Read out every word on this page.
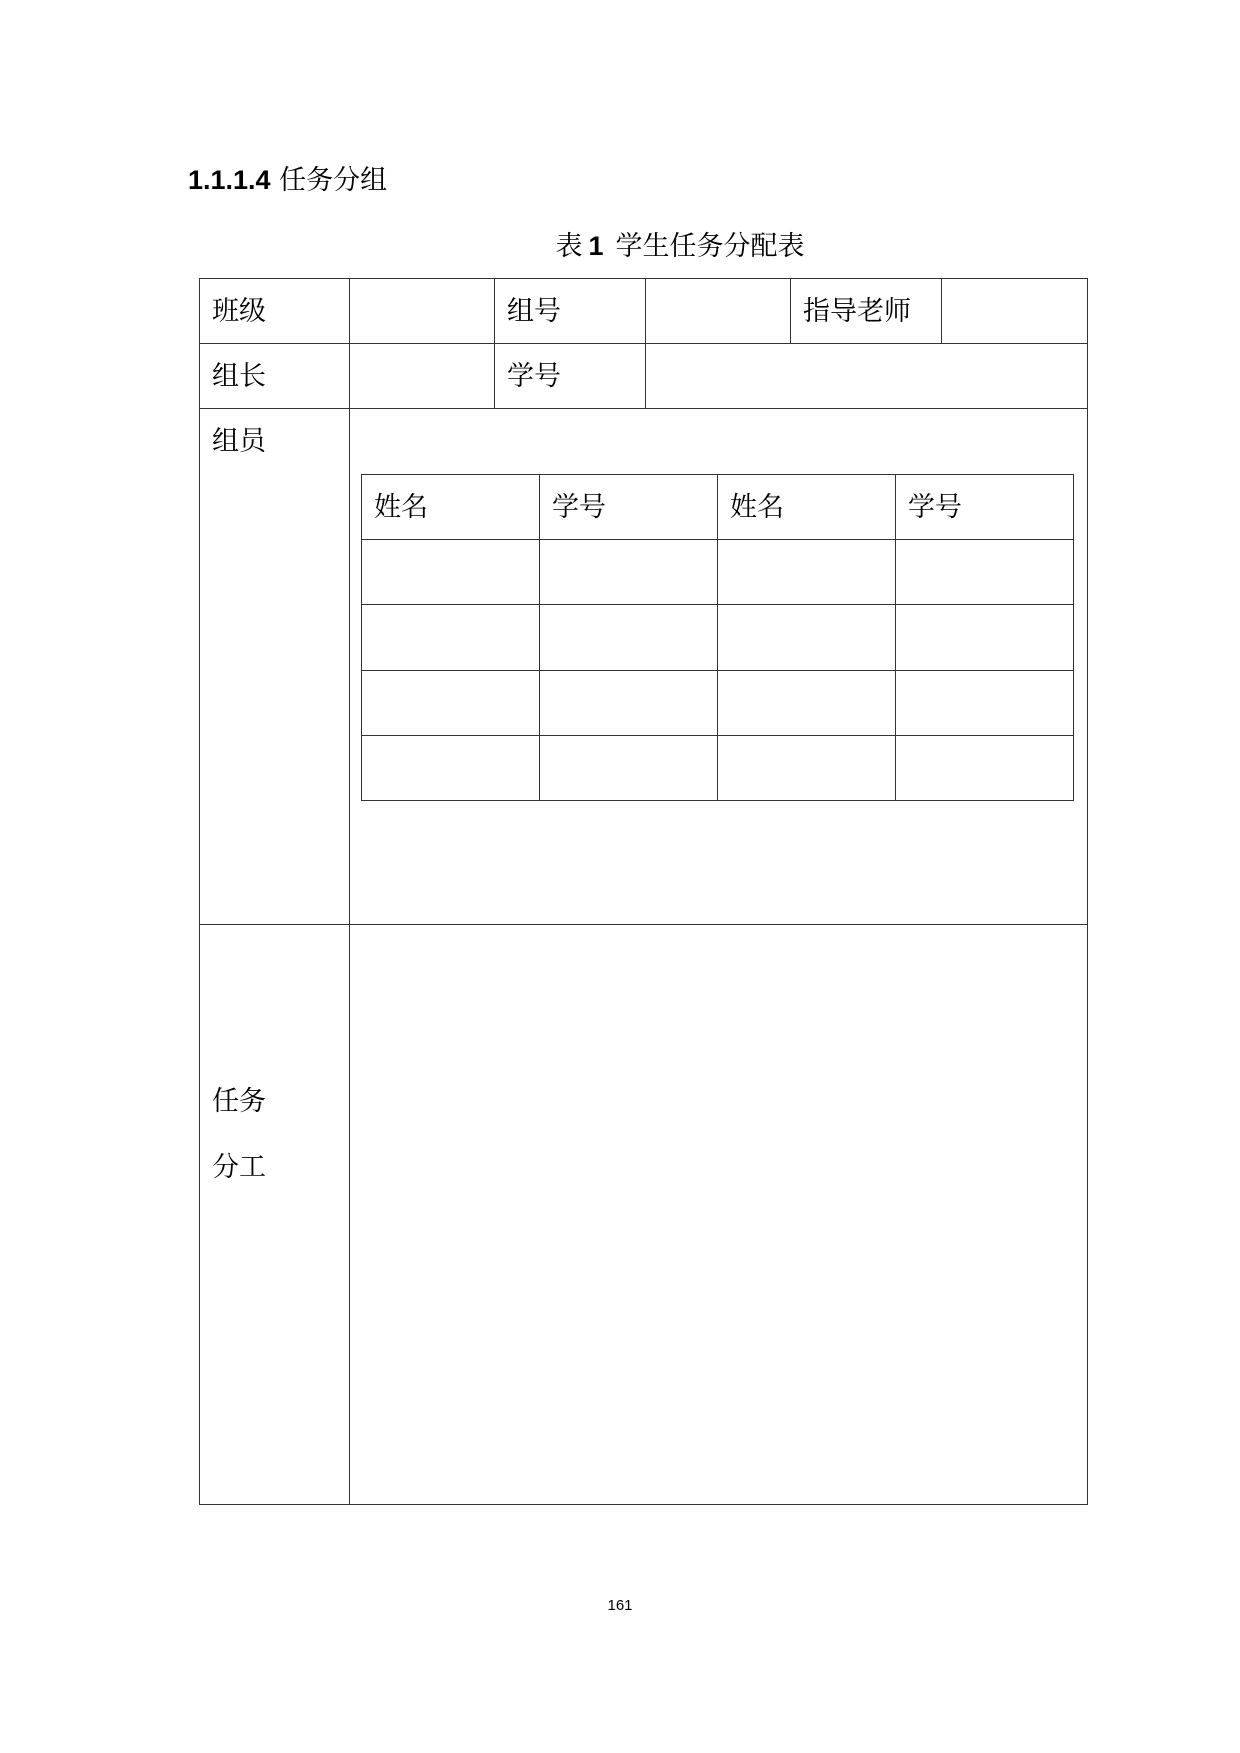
1.1.1.4 任务分组
表 1 学生任务分配表
班级	组号	指导老师
组长	学号
组员
姓名	学号	姓名	学号
任务
分工
161
